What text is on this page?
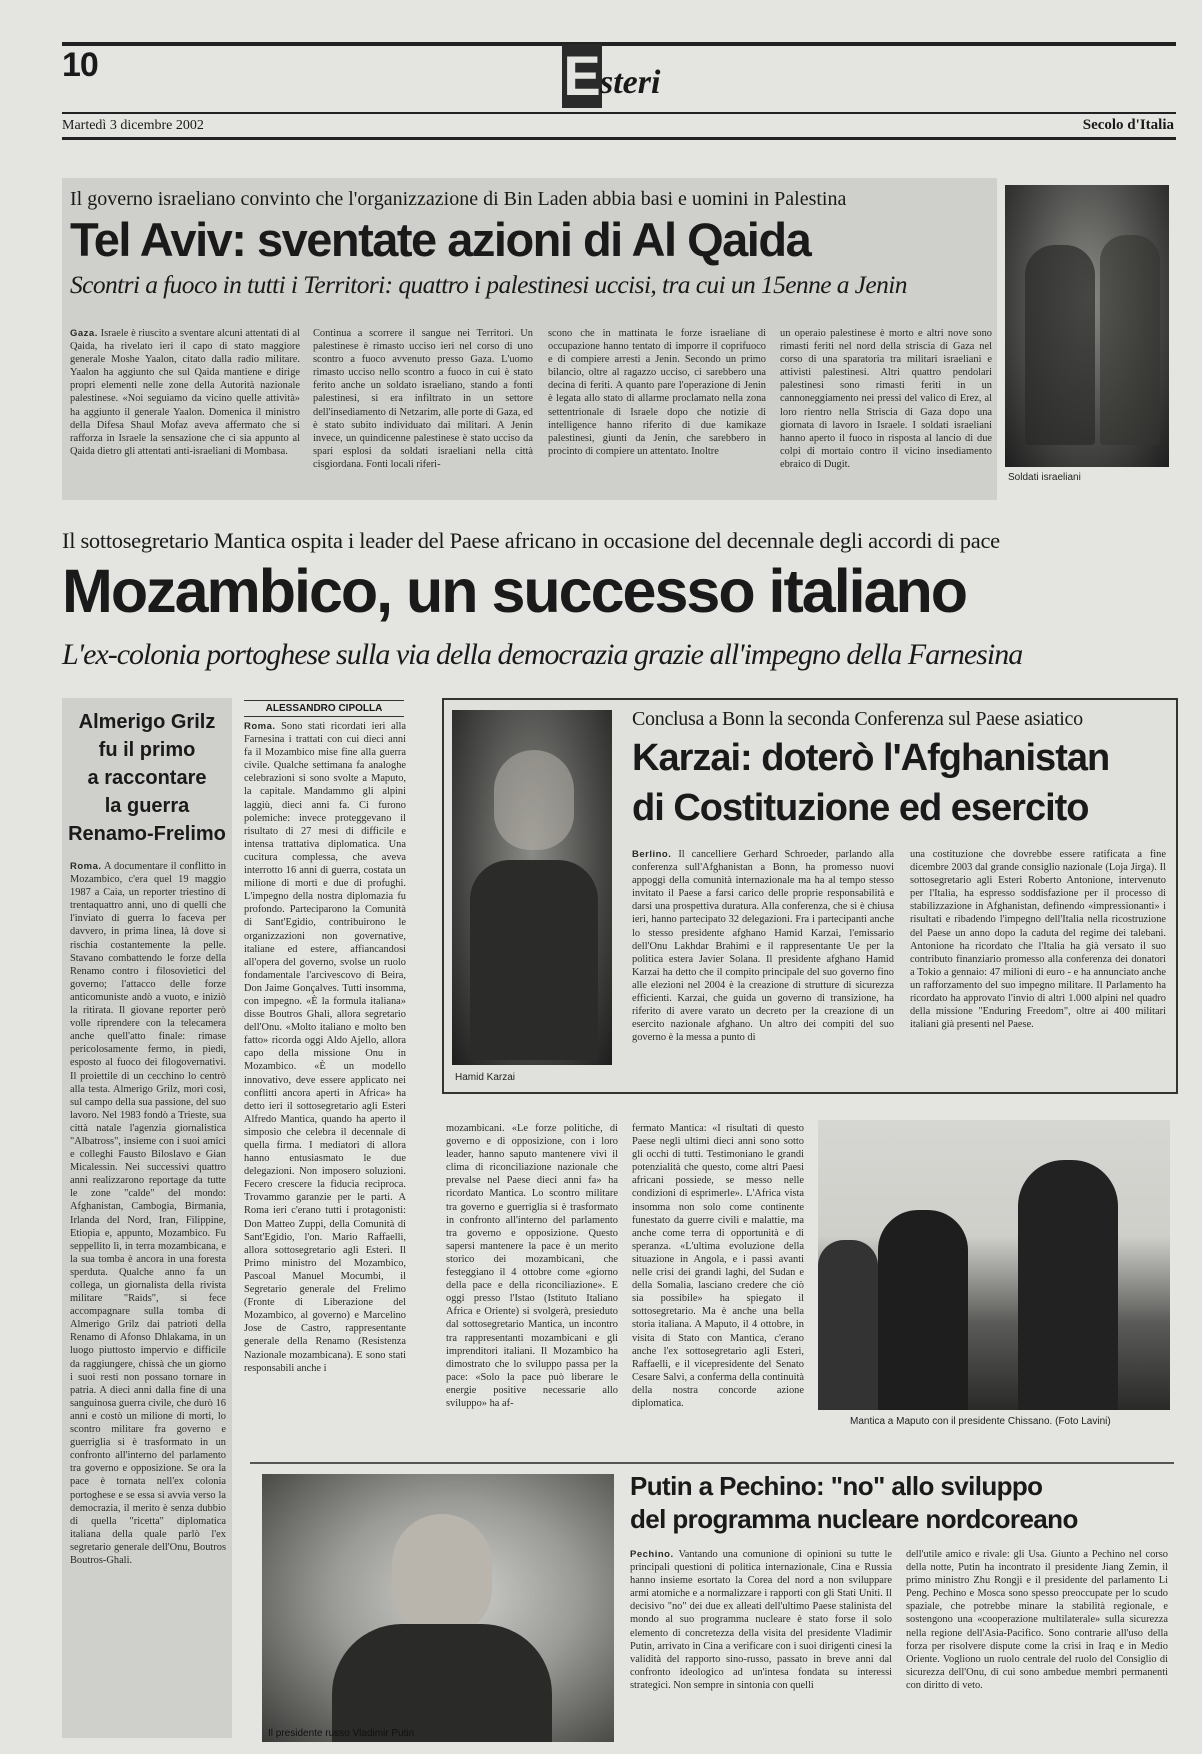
10	E steri
Martedì 3 dicembre 2002	Secolo d'Italia
Il governo israeliano convinto che l'organizzazione di Bin Laden abbia basi e uomini in Palestina
Tel Aviv: sventate azioni di Al Qaida
Scontri a fuoco in tutti i Territori: quattro i palestinesi uccisi, tra cui un 15enne a Jenin
Gaza. Israele è riuscito a sventare alcuni attentati di al Qaida, ha rivelato ieri il capo di stato maggiore generale Moshe Yaalon, citato dalla radio militare. Yaalon ha aggiunto che sul Qaida mantiene e dirige propri elementi nelle zone della Autorità nazionale palestinese. «Noi seguiamo da vicino quelle attività» ha aggiunto il generale Yaalon. Domenica il ministro della Difesa Shaul Mofaz aveva affermato che si rafforza in Israele la sensazione che ci sia appunto al Qaida dietro gli attentati anti-israeliani di Mombasa.
Continua a scorrere il sangue nei Territori. Un palestinese è rimasto ucciso ieri nel corso di uno scontro a fuoco avvenuto presso Gaza. L'uomo rimasto ucciso nello scontro a fuoco in cui è stato ferito anche un soldato israeliano, stando a fonti palestinesi, si era infiltrato in un settore dell'insediamento di Netzarim, alle porte di Gaza, ed è stato subito individuato dai militari. A Jenin invece, un quindicenne palestinese è stato ucciso da spari esplosi da soldati israeliani nella città cisgiordana. Fonti locali riferi-
scono che in mattinata le forze israeliane di occupazione hanno tentato di imporre il coprifuoco e di compiere arresti a Jenin. Secondo un primo bilancio, oltre al ragazzo ucciso, ci sarebbero una decina di feriti. A quanto pare l'operazione di Jenin è legata allo stato di allarme proclamato nella zona settentrionale di Israele dopo che notizie di intelligence hanno riferito di due kamikaze palestinesi, giunti da Jenin, che sarebbero in procinto di compiere un attentato. Inoltre
un operaio palestinese è morto e altri nove sono rimasti feriti nel nord della striscia di Gaza nel corso di una sparatoria tra militari israeliani e attivisti palestinesi. Altri quattro pendolari palestinesi sono rimasti feriti in un cannoneggiamento nei pressi del valico di Erez, al loro rientro nella Striscia di Gaza dopo una giornata di lavoro in Israele. I soldati israeliani hanno aperto il fuoco in risposta al lancio di due colpi di mortaio contro il vicino insediamento ebraico di Dugit.
Soldati israeliani
Il sottosegretario Mantica ospita i leader del Paese africano in occasione del decennale degli accordi di pace
Mozambico, un successo italiano
L'ex-colonia portoghese sulla via della democrazia grazie all'impegno della Farnesina
Almerigo Grilz
fu il primo
a raccontare
la guerra
Renamo-Frelimo
Roma. A documentare il conflitto in Mozambico, c'era quel 19 maggio 1987 a Caia, un reporter triestino di trentaquattro anni, uno di quelli che l'inviato di guerra lo faceva per davvero, in prima linea, là dove si rischia costantemente la pelle. Stavano combattendo le forze della Renamo contro i filosovietici del governo; l'attacco delle forze anticomuniste andò a vuoto, e iniziò la ritirata. Il giovane reporter però volle riprendere con la telecamera anche quell'atto finale: rimase pericolosamente fermo, in piedi, esposto al fuoco dei filogovernativi. Il proiettile di un cecchino lo centrò alla testa. Almerigo Grilz, morì così, sul campo della sua passione, del suo lavoro. Nel 1983 fondò a Trieste, sua città natale l'agenzia giornalistica "Albatross", insieme con i suoi amici e colleghi Fausto Biloslavo e Gian Micalessin. Nei successivi quattro anni realizzarono reportage da tutte le zone "calde" del mondo: Afghanistan, Cambogia, Birmania, Irlanda del Nord, Iran, Filippine, Etiopia e, appunto, Mozambico. Fu seppellito lì, in terra mozambicana, e la sua tomba è ancora in una foresta sperduta. Qualche anno fa un collega, un giornalista della rivista militare "Raids", si fece accompagnare sulla tomba di Almerigo Grilz dai patrioti della Renamo di Afonso Dhlakama, in un luogo piuttosto impervio e difficile da raggiungere, chissà che un giorno i suoi resti non possano tornare in patria. A dieci anni dalla fine di una sanguinosa guerra civile, che durò 16 anni e costò un milione di morti, lo scontro militare fra governo e guerriglia si è trasformato in un confronto all'interno del parlamento tra governo e opposizione. Se ora la pace è tornata nell'ex colonia portoghese e se essa si avvia verso la democrazia, il merito è senza dubbio di quella "ricetta" diplomatica italiana della quale parlò l'ex segretario generale dell'Onu, Boutros Boutros-Ghali.
ALESSANDRO CIPOLLA
Roma. Sono stati ricordati ieri alla Farnesina i trattati con cui dieci anni fa il Mozambico mise fine alla guerra civile. Qualche settimana fa analoghe celebrazioni si sono svolte a Maputo, la capitale. Mandammo gli alpini laggiù, dieci anni fa. Ci furono polemiche: invece proteggevano il risultato di 27 mesi di difficile e intensa trattativa diplomatica. Una cucitura complessa, che aveva interrotto 16 anni di guerra, costata un milione di morti e due di profughi. L'impegno della nostra diplomazia fu profondo. Parteciparono la Comunità di Sant'Egidio, contribuirono le organizzazioni non governative, italiane ed estere, affiancandosi all'opera del governo, svolse un ruolo fondamentale l'arcivescovo di Beira, Don Jaime Gonçalves. Tutti insomma, con impegno. «È la formula italiana» disse Boutros Ghali, allora segretario dell'Onu. «Molto italiano e molto ben fatto» ricorda oggi Aldo Ajello, allora capo della missione Onu in Mozambico. «È un modello innovativo, deve essere applicato nei conflitti ancora aperti in Africa» ha detto ieri il sottosegretario agli Esteri Alfredo Mantica, quando ha aperto il simposio che celebra il decennale di quella firma. I mediatori di allora hanno entusiasmato le due delegazioni. Non imposero soluzioni. Fecero crescere la fiducia reciproca. Trovammo garanzie per le parti. A Roma ieri c'erano tutti i protagonisti: Don Matteo Zuppi, della Comunità di Sant'Egidio, l'on. Mario Raffaelli, allora sottosegretario agli Esteri. Il Primo ministro del Mozambico, Pascoal Manuel Mocumbi, il Segretario generale del Frelimo (Fronte di Liberazione del Mozambico, al governo) e Marcelino Jose de Castro, rappresentante generale della Renamo (Resistenza Nazionale mozambicana). E sono stati responsabili anche i
Hamid Karzai
Conclusa a Bonn la seconda Conferenza sul Paese asiatico
Karzai: doterò l'Afghanistan
di Costituzione ed esercito
Berlino. Il cancelliere Gerhard Schroeder, parlando alla conferenza sull'Afghanistan a Bonn, ha promesso nuovi appoggi della comunità internazionale ma ha al tempo stesso invitato il Paese a farsi carico delle proprie responsabilità e darsi una prospettiva duratura. Alla conferenza, che si è chiusa ieri, hanno partecipato 32 delegazioni. Fra i partecipanti anche lo stesso presidente afghano Hamid Karzai, l'emissario dell'Onu Lakhdar Brahimi e il rappresentante Ue per la politica estera Javier Solana. Il presidente afghano Hamid Karzai ha detto che il compito principale del suo governo fino alle elezioni nel 2004 è la creazione di strutture di sicurezza efficienti. Karzai, che guida un governo di transizione, ha riferito di avere varato un decreto per la creazione di un esercito nazionale afghano. Un altro dei compiti del suo governo è la messa a punto di
una costituzione che dovrebbe essere ratificata a fine dicembre 2003 dal grande consiglio nazionale (Loja Jirga). Il sottosegretario agli Esteri Roberto Antonione, intervenuto per l'Italia, ha espresso soddisfazione per il processo di stabilizzazione in Afghanistan, definendo «impressionanti» i risultati e ribadendo l'impegno dell'Italia nella ricostruzione del Paese un anno dopo la caduta del regime dei talebani. Antonione ha ricordato che l'Italia ha già versato il suo contributo finanziario promesso alla conferenza dei donatori a Tokio a gennaio: 47 milioni di euro - e ha annunciato anche un rafforzamento del suo impegno militare. Il Parlamento ha ricordato ha approvato l'invio di altri 1.000 alpini nel quadro della missione "Enduring Freedom", oltre ai 400 militari italiani già presenti nel Paese.
mozambicani. «Le forze politiche, di governo e di opposizione, con i loro leader, hanno saputo mantenere vivi il clima di riconciliazione nazionale che prevalse nel Paese dieci anni fa» ha ricordato Mantica. Lo scontro militare tra governo e guerriglia si è trasformato in confronto all'interno del parlamento tra governo e opposizione. Questo sapersi mantenere la pace è un merito storico dei mozambicani, che festeggiano il 4 ottobre come «giorno della pace e della riconciliazione». E oggi presso l'Istao (Istituto Italiano Africa e Oriente) si svolgerà, presieduto dal sottosegretario Mantica, un incontro tra rappresentanti mozambicani e gli imprenditori italiani. Il Mozambico ha dimostrato che lo sviluppo passa per la pace: «Solo la pace può liberare le energie positive necessarie allo sviluppo» ha af-
fermato Mantica: «I risultati di questo Paese negli ultimi dieci anni sono sotto gli occhi di tutti. Testimoniano le grandi potenzialità che questo, come altri Paesi africani possiede, se messo nelle condizioni di esprimerle». L'Africa vista insomma non solo come continente funestato da guerre civili e malattie, ma anche come terra di opportunità e di speranza. «L'ultima evoluzione della situazione in Angola, e i passi avanti nelle crisi dei grandi laghi, del Sudan e della Somalia, lasciano credere che ciò sia possibile» ha spiegato il sottosegretario. Ma è anche una bella storia italiana. A Maputo, il 4 ottobre, in visita di Stato con Mantica, c'erano anche l'ex sottosegretario agli Esteri, Raffaelli, e il vicepresidente del Senato Cesare Salvi, a conferma della continuità della nostra concorde azione diplomatica.
Mantica a Maputo con il presidente Chissano. (Foto Lavini)
Il presidente russo Vladimir Putin
Putin a Pechino: "no" allo sviluppo
del programma nucleare nordcoreano
Pechino. Vantando una comunione di opinioni su tutte le principali questioni di politica internazionale, Cina e Russia hanno insieme esortato la Corea del nord a non sviluppare armi atomiche e a normalizzare i rapporti con gli Stati Uniti. Il decisivo "no" dei due ex alleati dell'ultimo Paese stalinista del mondo al suo programma nucleare è stato forse il solo elemento di concretezza della visita del presidente Vladimir Putin, arrivato in Cina a verificare con i suoi dirigenti cinesi la validità del rapporto sino-russo, passato in breve anni dal confronto ideologico ad un'intesa fondata su interessi strategici. Non sempre in sintonia con quelli
dell'utile amico e rivale: gli Usa. Giunto a Pechino nel corso della notte, Putin ha incontrato il presidente Jiang Zemin, il primo ministro Zhu Rongji e il presidente del parlamento Li Peng. Pechino e Mosca sono spesso preoccupate per lo scudo spaziale, che potrebbe minare la stabilità regionale, e sostengono una «cooperazione multilaterale» sulla sicurezza nella regione dell'Asia-Pacifico. Sono contrarie all'uso della forza per risolvere dispute come la crisi in Iraq e in Medio Oriente. Vogliono un ruolo centrale del ruolo del Consiglio di sicurezza dell'Onu, di cui sono ambedue membri permanenti con diritto di veto.
